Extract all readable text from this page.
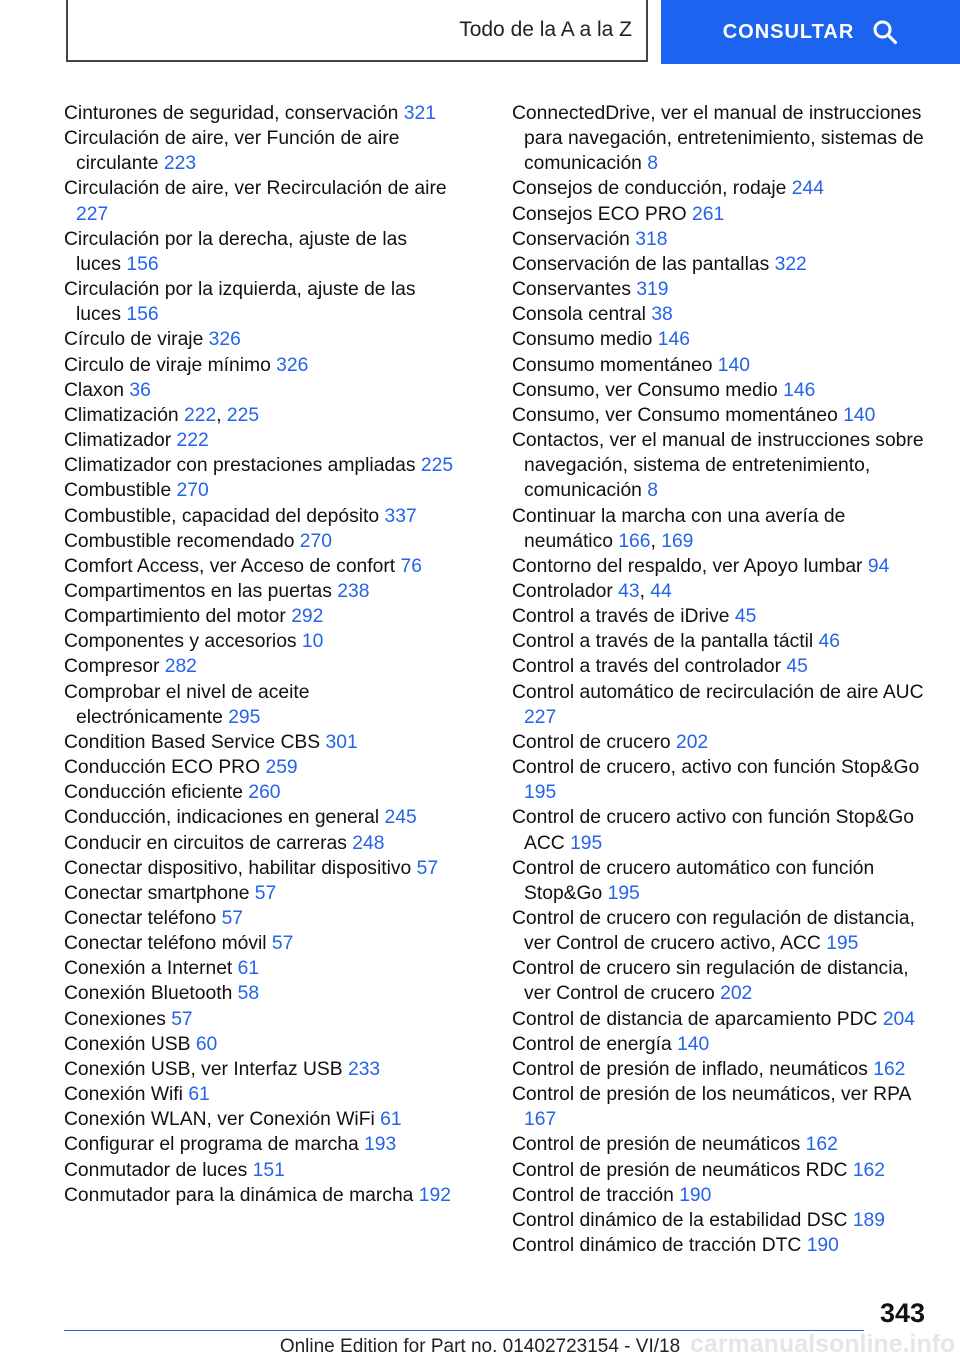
Todo de la A a la Z	CONSULTAR
Cinturones de seguridad, conservación 321
Circulación de aire, ver Función de aire circulante 223
Circulación de aire, ver Recirculación de aire 227
Circulación por la derecha, ajuste de las luces 156
Circulación por la izquierda, ajuste de las luces 156
Círculo de viraje 326
Circulo de viraje mínimo 326
Claxon 36
Climatización 222, 225
Climatizador 222
Climatizador con prestaciones ampliadas 225
Combustible 270
Combustible, capacidad del depósito 337
Combustible recomendado 270
Comfort Access, ver Acceso de confort 76
Compartimentos en las puertas 238
Compartimiento del motor 292
Componentes y accesorios 10
Compresor 282
Comprobar el nivel de aceite electrónicamente 295
Condition Based Service CBS 301
Conducción ECO PRO 259
Conducción eficiente 260
Conducción, indicaciones en general 245
Conducir en circuitos de carreras 248
Conectar dispositivo, habilitar dispositivo 57
Conectar smartphone 57
Conectar teléfono 57
Conectar teléfono móvil 57
Conexión a Internet 61
Conexión Bluetooth 58
Conexiones 57
Conexión USB 60
Conexión USB, ver Interfaz USB 233
Conexión Wifi 61
Conexión WLAN, ver Conexión WiFi 61
Configurar el programa de marcha 193
Conmutador de luces 151
Conmutador para la dinámica de marcha 192
ConnectedDrive, ver el manual de instrucciones para navegación, entretenimiento, sistemas de comunicación 8
Consejos de conducción, rodaje 244
Consejos ECO PRO 261
Conservación 318
Conservación de las pantallas 322
Conservantes 319
Consola central 38
Consumo medio 146
Consumo momentáneo 140
Consumo, ver Consumo medio 146
Consumo, ver Consumo momentáneo 140
Contactos, ver el manual de instrucciones sobre navegación, sistema de entretenimiento, comunicación 8
Continuar la marcha con una avería de neumático 166, 169
Contorno del respaldo, ver Apoyo lumbar 94
Controlador 43, 44
Control a través de iDrive 45
Control a través de la pantalla táctil 46
Control a través del controlador 45
Control automático de recirculación de aire AUC 227
Control de crucero 202
Control de crucero, activo con función Stop&Go 195
Control de crucero activo con función Stop&Go ACC 195
Control de crucero automático con función Stop&Go 195
Control de crucero con regulación de distancia, ver Control de crucero activo, ACC 195
Control de crucero sin regulación de distancia, ver Control de crucero 202
Control de distancia de aparcamiento PDC 204
Control de energía 140
Control de presión de inflado, neumáticos 162
Control de presión de los neumáticos, ver RPA 167
Control de presión de neumáticos 162
Control de presión de neumáticos RDC 162
Control de tracción 190
Control dinámico de la estabilidad DSC 189
Control dinámico de tracción DTC 190
343
carmanualsonline.info
Online Edition for Part no. 01402723154 - VI/18
